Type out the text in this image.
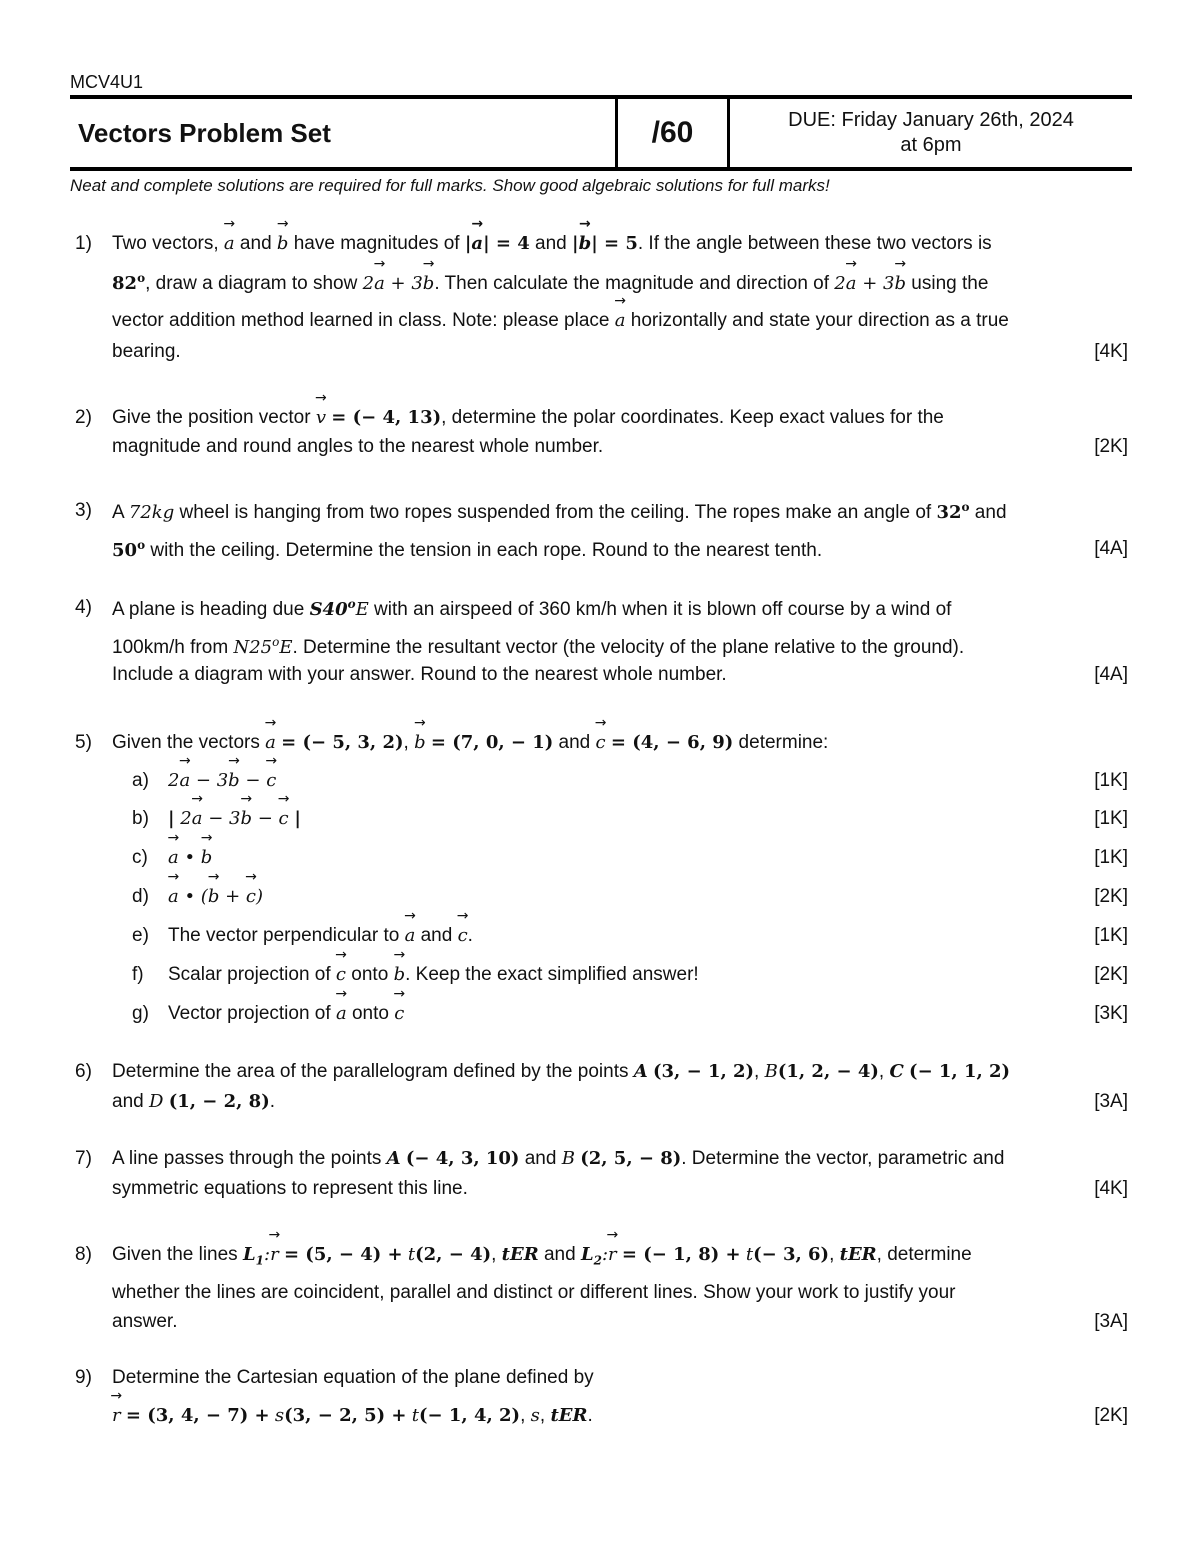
MCV4U1
Vectors Problem Set	/60	DUE: Friday January 26th, 2024
at 6pm
Neat and complete solutions are required for full marks. Show good algebraic solutions for full marks!
1) Two vectors, → a and → b have magnitudes of |→ a| = 4 and |→ b| = 5. If the angle between these two vectors is
82$^o$, draw a diagram to show 2→ a + 3→ b. Then calculate the magnitude and direction of 2→ a + 3→ b using the
vector addition method learned in class. Note: please place → a horizontally and state your direction as a true
bearing.	[4K]
2) Give the position vector → v = (− 4, 13), determine the polar coordinates. Keep exact values for the
magnitude and round angles to the nearest whole number.	[2K]
3) A 72kg wheel is hanging from two ropes suspended from the ceiling. The ropes make an angle of 32$^o$ and
50$^o$ with the ceiling. Determine the tension in each rope. Round to the nearest tenth.	[4A]
4) A plane is heading due S40$^o$E with an airspeed of 360 km/h when it is blown off course by a wind of
100km/h from N25$^o$E. Determine the resultant vector (the velocity of the plane relative to the ground).
Include a diagram with your answer. Round to the nearest whole number.	[4A]
5) Given the vectors → a = (− 5, 3, 2), → b = (7, 0, − 1) and → c = (4, − 6, 9) determine:
a) 2→ a − 3→ b − → c	[1K]
b) | 2→ a − 3→ b − → c |	[1K]
c) → a • → b	[1K]
d) → a • (→ b + → c)	[2K]
e) The vector perpendicular to → a and → c.	[1K]
f) Scalar projection of → c onto → b. Keep the exact simplified answer!	[2K]
g) Vector projection of → a onto → c	[3K]
6) Determine the area of the parallelogram defined by the points A (3, − 1, 2), B(1, 2, − 4), C (− 1, 1, 2)
and D (1, − 2, 8).	[3A]
7) A line passes through the points A (− 4, 3, 10) and B (2, 5, − 8). Determine the vector, parametric and
symmetric equations to represent this line.	[4K]
8) Given the lines $L_1:\to r = (5$, − 4) + t(2, − 4), tER and $L_2:\to r$ = (− 1, 8) + t(− 3, 6), tER, determine
whether the lines are coincident, parallel and distinct or different lines. Show your work to justify your
answer.	[3A]
9) Determine the Cartesian equation of the plane defined by
→ r = (3, 4, − 7) + s(3, − 2, 5) + t(− 1, 4, 2), s, tER.	[2K]
